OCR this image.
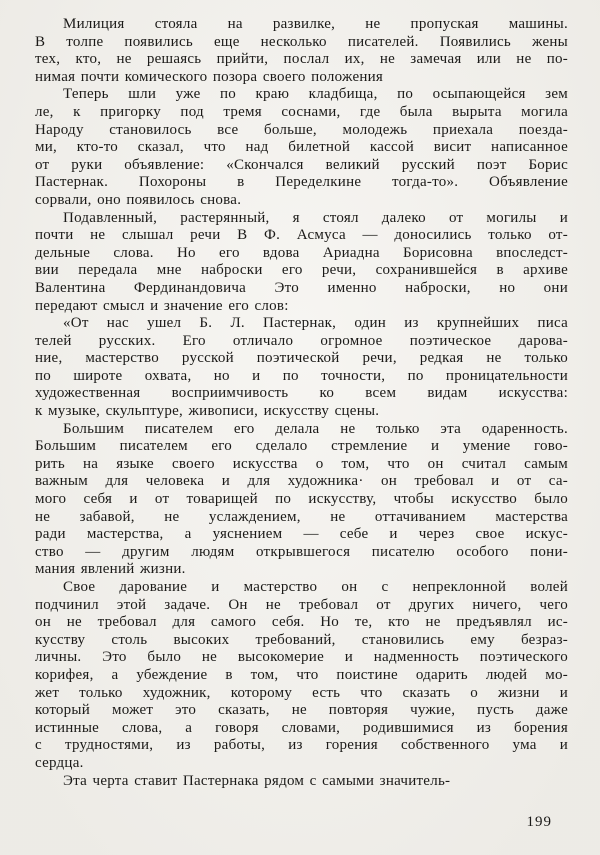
Милиция стояла на развилке, не пропуская машины.
В толпе появились еще несколько писателей. Появились жены
тех, кто, не решаясь прийти, послал их, не замечая или не по-
нимая почти комического позора своего положения
Теперь шли уже по краю кладбища, по осыпающейся зем
ле, к пригорку под тремя соснами, где была вырыта могила
Народу становилось все больше, молодежь приехала поезда-
ми, кто-то сказал, что над билетной кассой висит написанное
от руки объявление: «Скончался великий русский поэт Борис
Пастернак. Похороны в Переделкине тогда-то». Объявление
сорвали, оно появилось снова.
Подавленный, растерянный, я стоял далеко от могилы и
почти не слышал речи В Ф. Асмуса — доносились только от-
дельные слова. Но его вдова Ариадна Борисовна впоследст-
вии передала мне наброски его речи, сохранившейся в архиве
Валентина Фердинандовича Это именно наброски, но они
передают смысл и значение его слов:
«От нас ушел Б. Л. Пастернак, один из крупнейших писа
телей русских. Его отличало огромное поэтическое дарова-
ние, мастерство русской поэтической речи, редкая не только
по широте охвата, но и по точности, по проницательности
художественная восприимчивость ко всем видам искусства:
к музыке, скульптуре, живописи, искусству сцены.
Большим писателем его делала не только эта одаренность.
Большим писателем его сделало стремление и умение гово-
рить на языке своего искусства о том, что он считал самым
важным для человека и для художника· он требовал и от са-
мого себя и от товарищей по искусству, чтобы искусство было
не забавой, не услаждением, не оттачиванием мастерства
ради мастерства, а уяснением — себе и через свое искус-
ство — другим людям открывшегося писателю особого пони-
мания явлений жизни.
Свое дарование и мастерство он с непреклонной волей
подчинил этой задаче. Он не требовал от других ничего, чего
он не требовал для самого себя. Но те, кто не предъявлял ис-
кусству столь высоких требований, становились ему безраз-
личны. Это было не высокомерие и надменность поэтического
корифея, а убеждение в том, что поистине одарить людей мо-
жет только художник, которому есть что сказать о жизни и
который может это сказать, не повторяя чужие, пусть даже
истинные слова, а говоря словами, родившимися из борения
с трудностями, из работы, из горения собственного ума и
сердца.
Эта черта ставит Пастернака рядом с самыми значитель-
199
